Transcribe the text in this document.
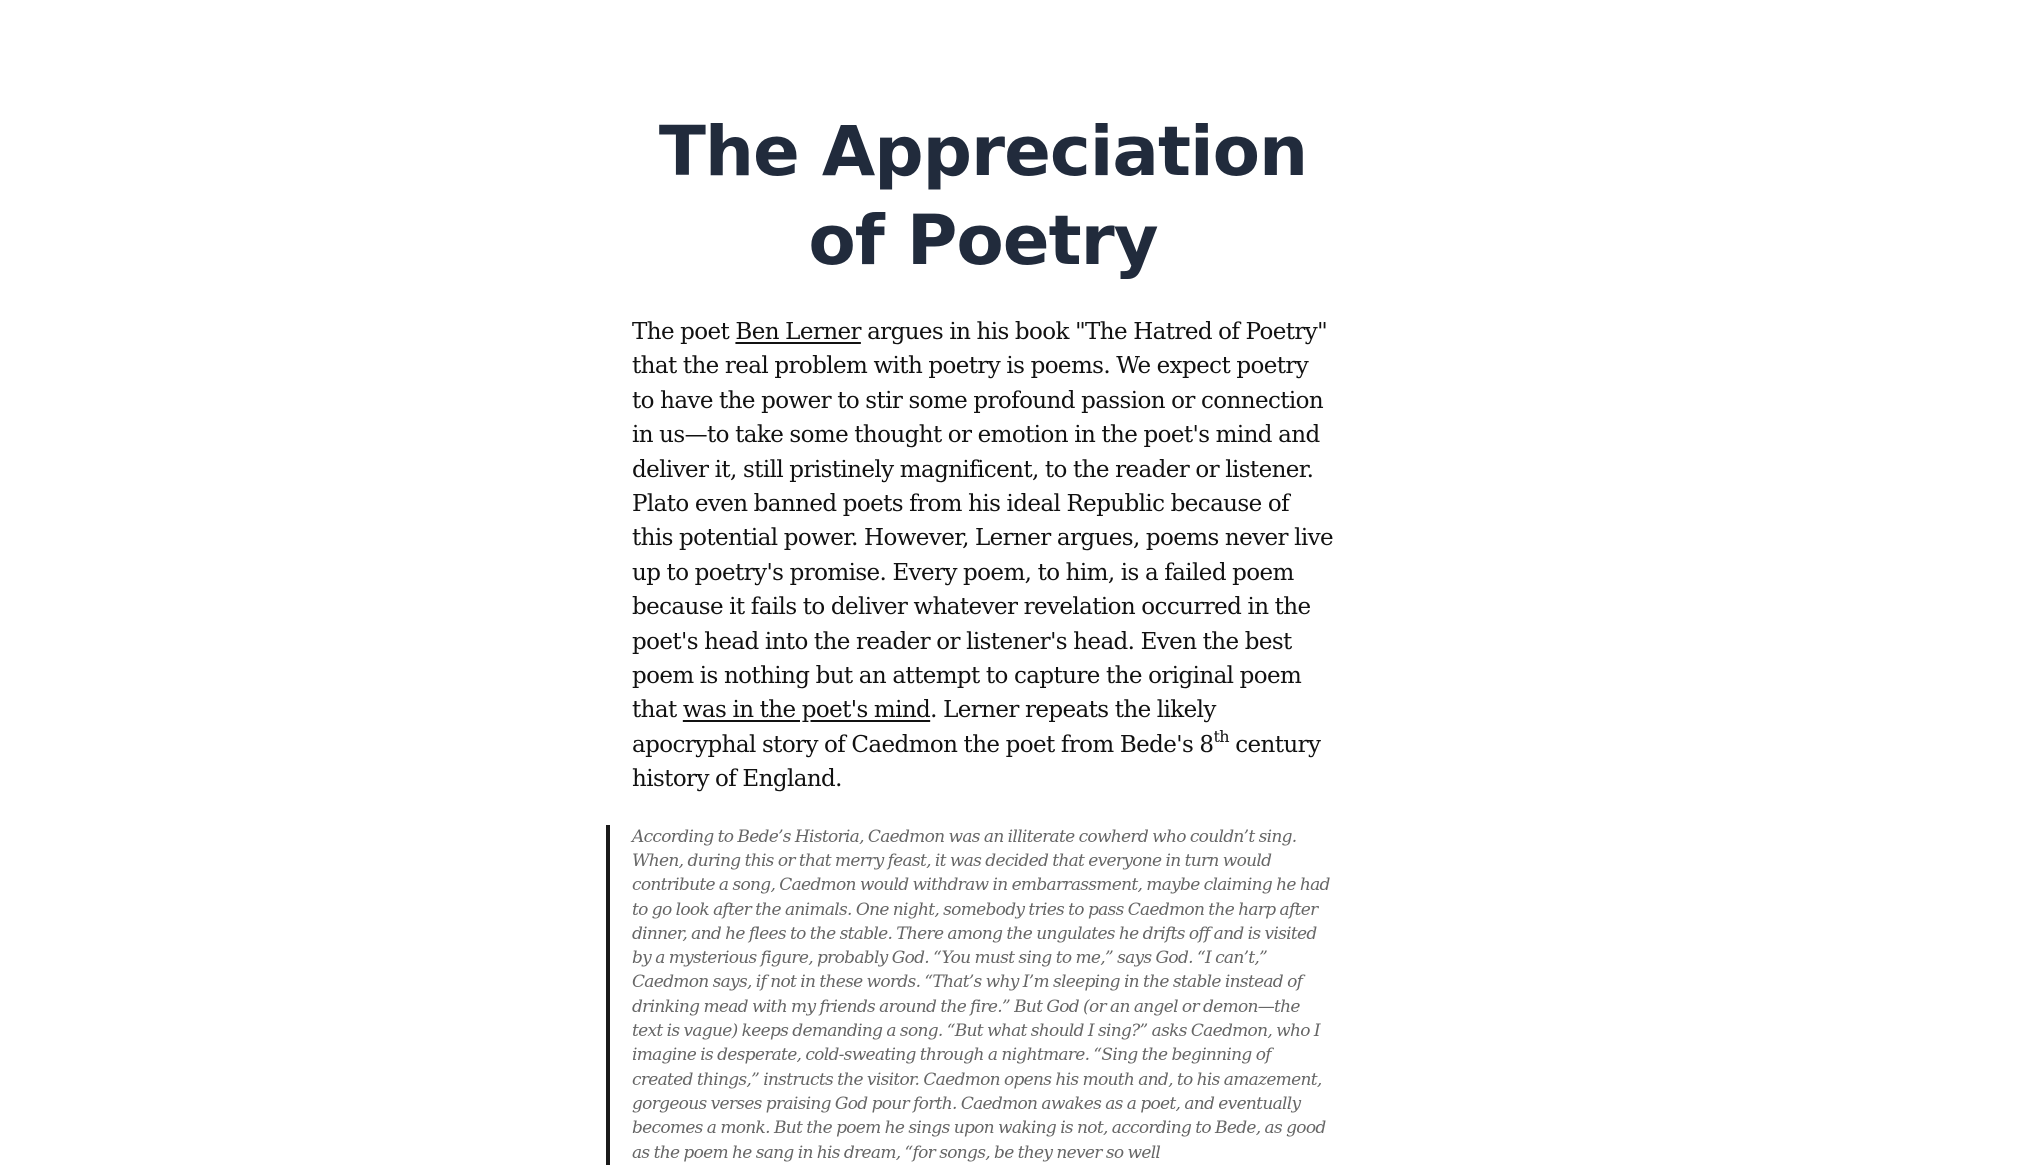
The Appreciation of Poetry

The poet Ben Lerner argues in his book "The Hatred of Poetry" that the real problem with poetry is poems. We expect poetry to have the power to stir some profound passion or connection in us—to take some thought or emotion in the poet's mind and deliver it, still pristinely magnificent, to the reader or listener. Plato even banned poets from his ideal Republic because of this potential power. However, Lerner argues, poems never live up to poetry's promise. Every poem, to him, is a failed poem because it fails to deliver whatever revelation occurred in the poet's head into the reader or listener's head. Even the best poem is nothing but an attempt to capture the original poem that was in the poet's mind. Lerner repeats the likely apocryphal story of Caedmon the poet from Bede's 8th century history of England.

According to Bede’s Historia, Caedmon was an illiterate cowherd who couldn’t sing. When, during this or that merry feast, it was decided that everyone in turn would contribute a song, Caedmon would withdraw in embarrassment, maybe claiming he had to go look after the animals. One night, somebody tries to pass Caedmon the harp after dinner, and he flees to the stable. There among the ungulates he drifts off and is visited by a mysterious figure, probably God. “You must sing to me,” says God. “I can’t,” Caedmon says, if not in these words. “That’s why I’m sleeping in the stable instead of drinking mead with my friends around the fire.” But God (or an angel or demon—the text is vague) keeps demanding a song. “But what should I sing?” asks Caedmon, who I imagine is desperate, cold-sweating through a nightmare. “Sing the beginning of created things,” instructs the visitor. Caedmon opens his mouth and, to his amazement, gorgeous verses praising God pour forth. Caedmon awakes as a poet, and eventually becomes a monk. But the poem he sings upon waking is not, according to Bede, as good as the poem he sang in his dream, “for songs, be they never so well
